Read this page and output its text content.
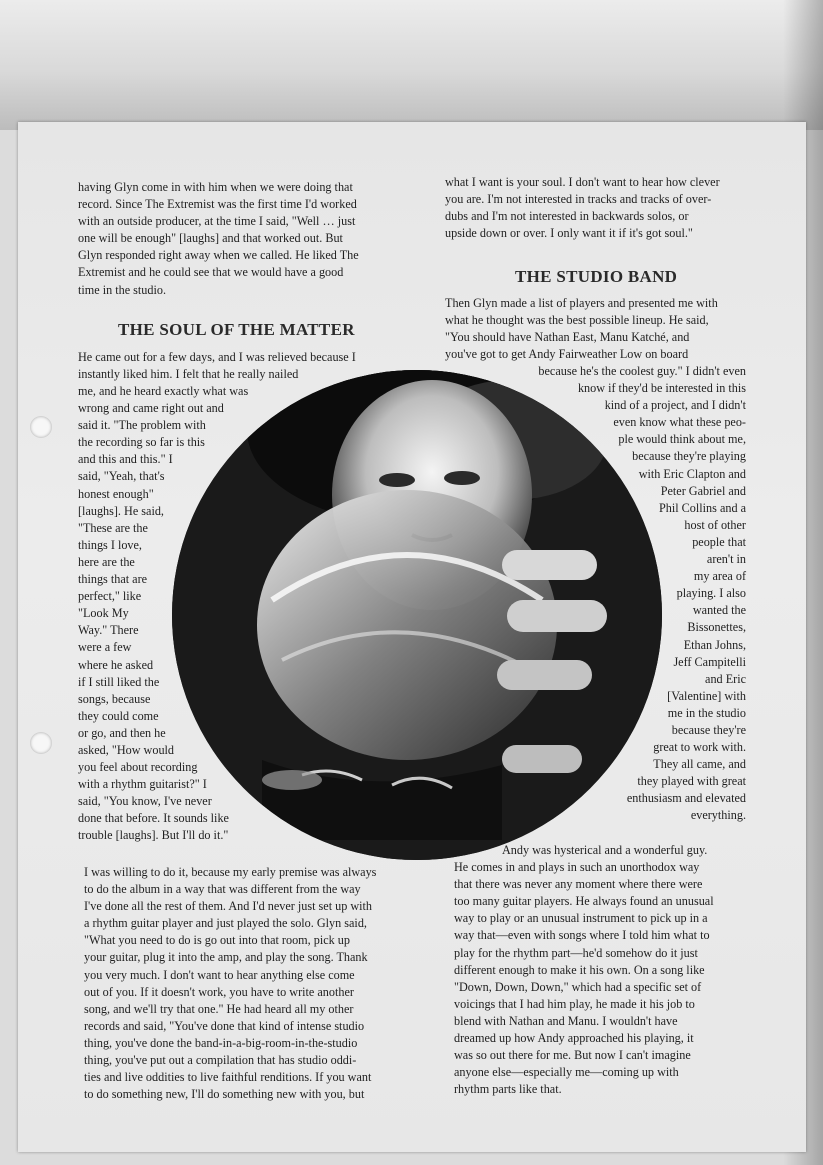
having Glyn come in with him when we were doing that
record. Since The Extremist was the first time I'd worked
with an outside producer, at the time I said, "Well … just
one will be enough" [laughs] and that worked out. But
Glyn responded right away when we called. He liked The
Extremist and he could see that we would have a good
time in the studio.
THE SOUL OF THE MATTER
He came out for a few days, and I was relieved because I
instantly liked him. I felt that he really nailed
me, and he heard exactly what was
wrong and came right out and
said it. "The problem with
the recording so far is this
and this and this." I
said, "Yeah, that's
honest enough"
[laughs]. He said,
"These are the
things I love,
here are the
things that are
perfect," like
"Look My
Way." There
were a few
where he asked
if I still liked the
songs, because
they could come
or go, and then he
asked, "How would
you feel about recording
with a rhythm guitarist?" I
said, "You know, I've never
done that before. It sounds like
trouble [laughs]. But I'll do it."
I was willing to do it, because my early premise was always
to do the album in a way that was different from the way
I've done all the rest of them. And I'd never just set up with
a rhythm guitar player and just played the solo. Glyn said,
"What you need to do is go out into that room, pick up
your guitar, plug it into the amp, and play the song. Thank
you very much. I don't want to hear anything else come
out of you. If it doesn't work, you have to write another
song, and we'll try that one." He had heard all my other
records and said, "You've done that kind of intense studio
thing, you've done the band-in-a-big-room-in-the-studio
thing, you've put out a compilation that has studio oddi-
ties and live oddities to live faithful renditions. If you want
to do something new, I'll do something new with you, but
what I want is your soul. I don't want to hear how clever
you are. I'm not interested in tracks and tracks of over-
dubs and I'm not interested in backwards solos, or
upside down or over. I only want it if it's got soul."
THE STUDIO BAND
Then Glyn made a list of players and presented me with
what he thought was the best possible lineup. He said,
"You should have Nathan East, Manu Katché, and
you've got to get Andy Fairweather Low on board
because he's the coolest guy." I didn't even
know if they'd be interested in this
kind of a project, and I didn't
even know what these peo-
ple would think about me,
because they're playing
with Eric Clapton and
Peter Gabriel and
Phil Collins and a
host of other
people that
aren't in
my area of
playing. I also
wanted the
Bissonettes,
Ethan Johns,
Jeff Campitelli
and Eric
[Valentine] with
me in the studio
because they're
great to work with.
They all came, and
they played with great
enthusiasm and elevated
everything.
Andy was hysterical and a wonderful guy.
He comes in and plays in such an unorthodox way
that there was never any moment where there were
too many guitar players. He always found an unusual
way to play or an unusual instrument to pick up in a
way that—even with songs where I told him what to
play for the rhythm part—he'd somehow do it just
different enough to make it his own. On a song like
"Down, Down, Down," which had a specific set of
voicings that I had him play, he made it his job to
blend with Nathan and Manu. I wouldn't have
dreamed up how Andy approached his playing, it
was so out there for me. But now I can't imagine
anyone else—especially me—coming up with
rhythm parts like that.
